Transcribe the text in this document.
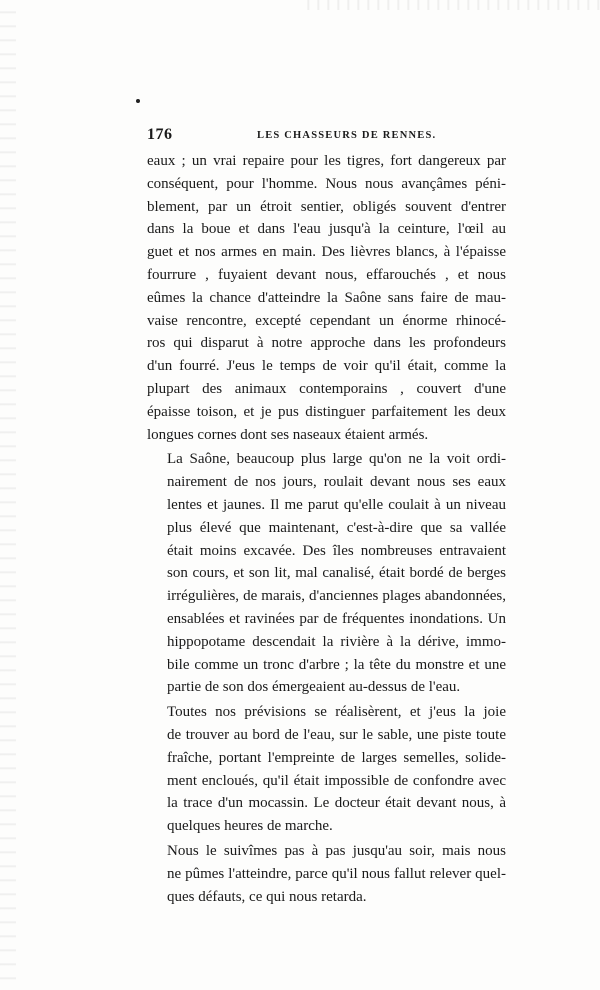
176	LES CHASSEURS DE RENNES.

eaux ; un vrai repaire pour les tigres, fort dangereux par
conséquent, pour l'homme. Nous nous avançâmes péni-
blement, par un étroit sentier, obligés souvent d'entrer
dans la boue et dans l'eau jusqu'à la ceinture, l'œil au
guet et nos armes en main. Des lièvres blancs, à l'épaisse
fourrure , fuyaient devant nous, effarouchés , et nous
eûmes la chance d'atteindre la Saône sans faire de mau-
vaise rencontre, excepté cependant un énorme rhinocé-
ros qui disparut à notre approche dans les profondeurs
d'un fourré. J'eus le temps de voir qu'il était, comme la
plupart des animaux contemporains , couvert d'une
épaisse toison, et je pus distinguer parfaitement les deux
longues cornes dont ses naseaux étaient armés.

La Saône, beaucoup plus large qu'on ne la voit ordi-
nairement de nos jours, roulait devant nous ses eaux
lentes et jaunes. Il me parut qu'elle coulait à un niveau
plus élevé que maintenant, c'est-à-dire que sa vallée
était moins excavée. Des îles nombreuses entravaient
son cours, et son lit, mal canalisé, était bordé de berges
irrégulières, de marais, d'anciennes plages abandonnées,
ensablées et ravinées par de fréquentes inondations. Un
hippopotame descendait la rivière à la dérive, immo-
bile comme un tronc d'arbre ; la tête du monstre et une
partie de son dos émergeaient au-dessus de l'eau.

Toutes nos prévisions se réalisèrent, et j'eus la joie
de trouver au bord de l'eau, sur le sable, une piste toute
fraîche, portant l'empreinte de larges semelles, solide-
ment encloués, qu'il était impossible de confondre avec
la trace d'un mocassin. Le docteur était devant nous, à
quelques heures de marche.

Nous le suivîmes pas à pas jusqu'au soir, mais nous
ne pûmes l'atteindre, parce qu'il nous fallut relever quel-
ques défauts, ce qui nous retarda.
